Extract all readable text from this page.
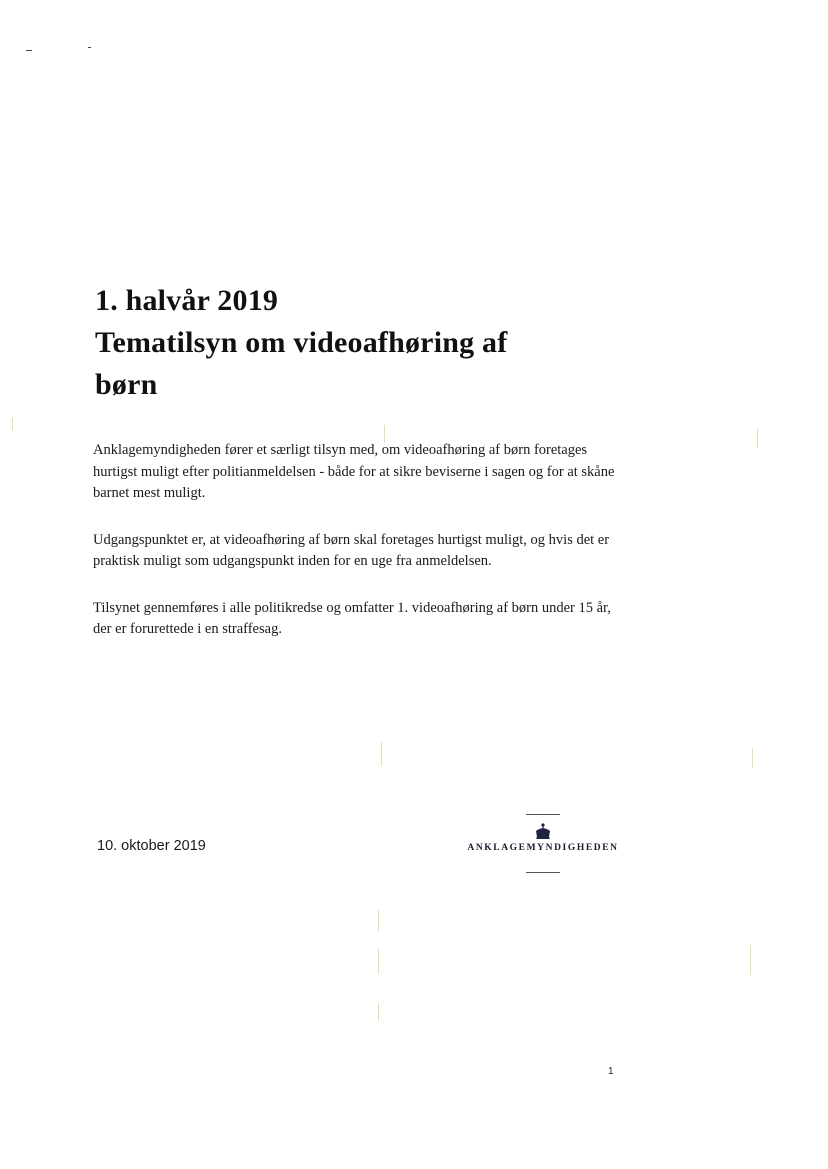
1. halvår 2019
Tematilsyn om videoafhøring af
børn

Anklagemyndigheden fører et særligt tilsyn med, om videoafhøring af børn foretages hurtigst muligt efter politianmeldelsen - både for at sikre beviserne i sagen og for at skåne barnet mest muligt.

Udgangspunktet er, at videoafhøring af børn skal foretages hurtigst muligt, og hvis det er praktisk muligt som udgangspunkt inden for en uge fra anmeldelsen.

Tilsynet gennemføres i alle politikredse og omfatter 1. videoafhøring af børn under 15 år, der er forurettede i en straffesag.

10. oktober 2019	ANKLAGEMYNDIGHEDEN
1
